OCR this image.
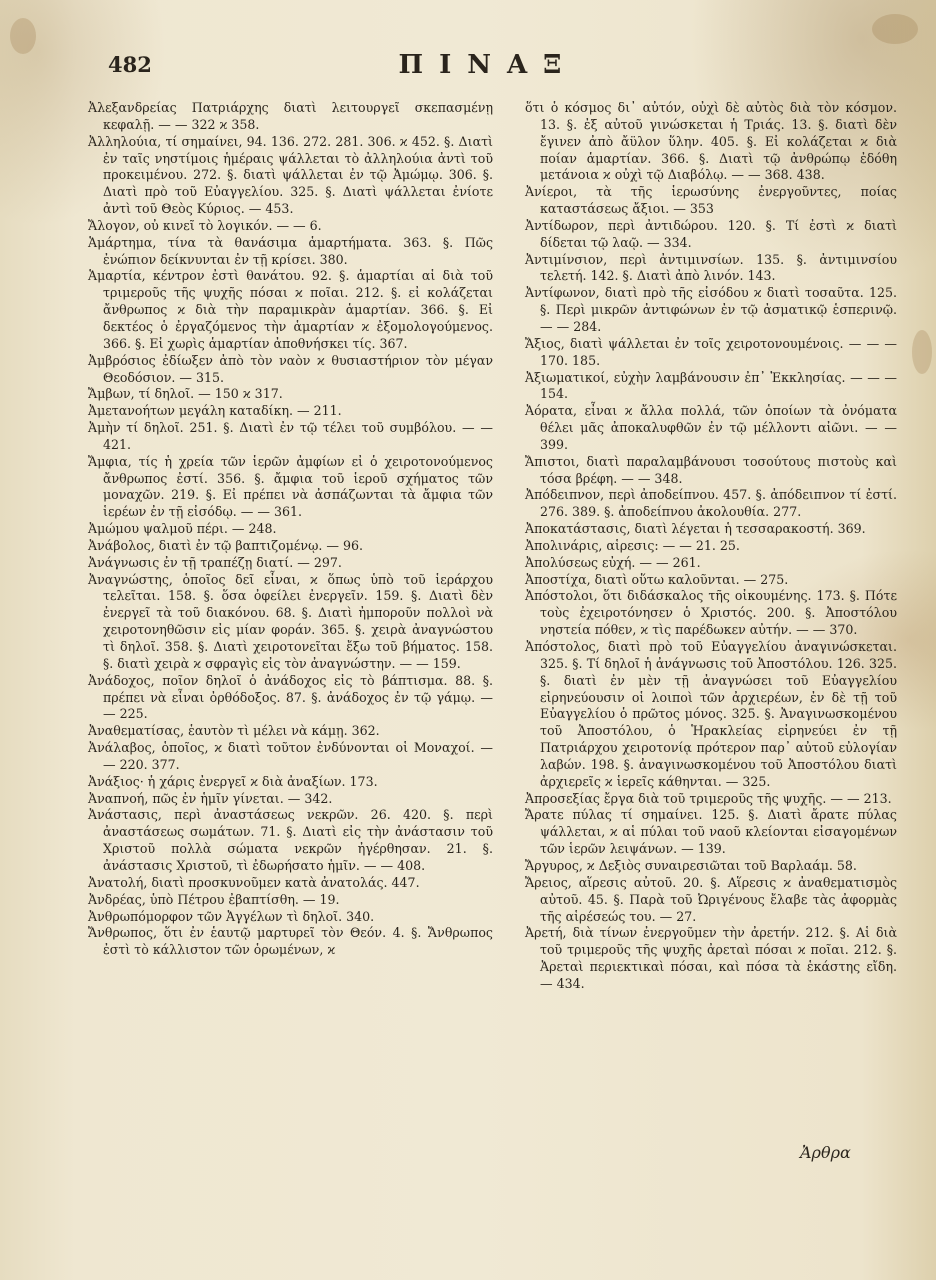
482	ΠΙΝΑΞ

Ἀλεξανδρείας Πατριάρχης διατὶ λειτουργεῖ σκεπασμένῃ κεφαλῇ. — — 322 ϰ 358.

Ἀλληλούια, τί σημαίνει, 94. 136. 272. 281. 306. ϰ 452. §. Διατὶ ἐν ταῖς νηστίμοις ἡμέραις ψάλλεται τὸ ἀλληλούια ἀντὶ τοῦ προκειμένου. 272. §. διατὶ ψάλλεται ἐν τῷ Ἀμώμῳ. 306. §. Διατὶ πρὸ τοῦ Εὐαγγελίου. 325. §. Διατὶ ψάλλεται ἐνίοτε ἀντὶ τοῦ Θεὸς Κύριος. — 453.

Ἄλογον, οὐ κινεῖ τὸ λογικόν. — — 6.

Ἁμάρτημα, τίνα τὰ θανάσιμα ἁμαρτήματα. 363. §. Πῶς ἐνώπιον δείκνυνται ἐν τῇ κρίσει. 380.

Ἁμαρτία, κέντρον ἐστὶ θανάτου. 92. §. ἁμαρτίαι αἱ διὰ τοῦ τριμεροῦς τῆς ψυχῆς πόσαι ϰ ποῖαι. 212. §. εἰ κολάζεται ἄνθρωπος ϰ διὰ τὴν παραμικρὰν ἁμαρτίαν. 366. §. Εἰ δεκτέος ὁ ἐργαζόμενος τὴν ἁμαρτίαν ϰ ἐξομολογούμενος. 366. §. Εἰ χωρὶς ἁμαρτίαν ἀποθνήσκει τίς. 367.

Ἀμβρόσιος ἐδίωξεν ἀπὸ τὸν ναὸν ϰ θυσιαστήριον τὸν μέγαν Θεοδόσιον. — 315.

Ἄμβων, τί δηλοῖ. — 150 ϰ 317.

Ἀμετανοήτων μεγάλη καταδίκη. — 211.

Ἀμὴν τί δηλοῖ. 251. §. Διατὶ ἐν τῷ τέλει τοῦ συμβόλου. — — 421.

Ἄμφια, τίς ἡ χρεία τῶν ἱερῶν ἀμφίων εἰ ὁ χειροτονούμενος ἄνθρωπος ἐστί. 356. §. ἄμφια τοῦ ἱεροῦ σχήματος τῶν μοναχῶν. 219. §. Εἰ πρέπει νὰ ἀσπάζωνται τὰ ἄμφια τῶν ἱερέων ἐν τῇ εἰσόδῳ. — — 361.

Ἀμώμου ψαλμοῦ πέρι. — 248.

Ἀνάβολος, διατὶ ἐν τῷ βαπτιζομένῳ. — 96.

Ἀνάγνωσις ἐν τῇ τραπέζῃ διατί. — 297.

Ἀναγνώστης, ὁποῖος δεῖ εἶναι, ϰ ὅπως ὑπὸ τοῦ ἱεράρχου τελεῖται. 158. §. ὅσα ὀφείλει ἐνεργεῖν. 159. §. Διατὶ δὲν ἐνεργεῖ τὰ τοῦ διακόνου. 68. §. Διατὶ ἠμποροῦν πολλοὶ νὰ χειροτονηθῶσιν εἰς μίαν φοράν. 365. §. χειρὰ ἀναγνώστου τὶ δηλοῖ. 358. §. Διατὶ χειροτονεῖται ἔξω τοῦ βήματος. 158. §. διατὶ χειρὰ ϰ σφραγὶς εἰς τὸν ἀναγνώστην. — — 159.

Ἀνάδοχος, ποῖον δηλοῖ ὁ ἀνάδοχος εἰς τὸ βάπτισμα. 88. §. πρέπει νὰ εἶναι ὀρθόδοξος. 87. §. ἀνάδοχος ἐν τῷ γάμῳ. — — 225.

Ἀναθεματίσας, ἑαυτὸν τὶ μέλει νὰ κάμῃ. 362.

Ἀνάλαβος, ὁποῖος, ϰ διατὶ τοῦτον ἐνδύνονται οἱ Μοναχοί. — — 220. 377.

Ἀνάξιος· ἡ χάρις ἐνεργεῖ ϰ διὰ ἀναξίων. 173.

Ἀναπνοή, πῶς ἐν ἡμῖν γίνεται. — 342.

Ἀνάστασις, περὶ ἀναστάσεως νεκρῶν. 26. 420. §. περὶ ἀναστάσεως σωμάτων. 71. §. Διατὶ εἰς τὴν ἀνάστασιν τοῦ Χριστοῦ πολλὰ σώματα νεκρῶν ἠγέρθησαν. 21. §. ἀνάστασις Χριστοῦ, τὶ ἐδωρήσατο ἡμῖν. — — 408.

Ἀνατολή, διατὶ προσκυνοῦμεν κατὰ ἀνατολάς. 447.

Ἀνδρέας, ὑπὸ Πέτρου ἐβαπτίσθη. — 19.

Ἀνθρωπόμορφον τῶν Ἀγγέλων τὶ δηλοῖ. 340.

Ἄνθρωπος, ὅτι ἐν ἑαυτῷ μαρτυρεῖ τὸν Θεόν. 4. §. Ἄνθρωπος ἐστὶ τὸ κάλλιστον τῶν ὁρωμένων, ϰ

ὅτι ὁ κόσμος δι᾽ αὐτόν, οὐχὶ δὲ αὐτὸς διὰ τὸν κόσμον. 13. §. ἐξ αὐτοῦ γινώσκεται ἡ Τριάς. 13. §. διατὶ δὲν ἔγινεν ἀπὸ ἄϋλον ὕλην. 405. §. Εἰ κολάζεται ϰ διὰ ποίαν ἁμαρτίαν. 366. §. Διατὶ τῷ ἀνθρώπῳ ἐδόθη μετάνοια ϰ οὐχὶ τῷ Διαβόλῳ. — — 368. 438.

Ἀνίεροι, τὰ τῆς ἱερωσύνης ἐνεργοῦντες, ποίας καταστάσεως ἄξιοι. — 353

Ἀντίδωρον, περὶ ἀντιδώρου. 120. §. Τί ἐστὶ ϰ διατὶ δίδεται τῷ λαῷ. — 334.

Ἀντιμίνσιον, περὶ ἀντιμινσίων. 135. §. ἀντιμινσίου τελετή. 142. §. Διατὶ ἀπὸ λινόν. 143.

Ἀντίφωνον, διατὶ πρὸ τῆς εἰσόδου ϰ διατὶ τοσαῦτα. 125. §. Περὶ μικρῶν ἀντιφώνων ἐν τῷ ἀσματικῷ ἑσπερινῷ. — — 284.

Ἄξιος, διατὶ ψάλλεται ἐν τοῖς χειροτονουμένοις. — — — 170. 185.

Ἀξιωματικοί, εὐχὴν λαμβάνουσιν ἐπ᾽ Ἐκκλησίας. — — — 154.

Ἀόρατα, εἶναι ϰ ἄλλα πολλά, τῶν ὁποίων τὰ ὀνόματα θέλει μᾶς ἀποκαλυφθῶν ἐν τῷ μέλλοντι αἰῶνι. — — 399.

Ἄπιστοι, διατὶ παραλαμβάνουσι τοσούτους πιστοὺς καὶ τόσα βρέφη. — — 348.

Ἀπόδειπνον, περὶ ἀποδείπνου. 457. §. ἀπόδειπνον τί ἐστί. 276. 389. §. ἀποδείπνου ἀκολουθία. 277.

Ἀποκατάστασις, διατὶ λέγεται ἡ τεσσαρακοστή. 369.

Ἀπολινάρις, αἱρεσις: — — 21. 25.

Ἀπολύσεως εὐχή. — — 261.

Ἀποστίχα, διατὶ οὕτω καλοῦνται. — 275.

Ἀπόστολοι, ὅτι διδάσκαλος τῆς οἰκουμένης. 173. §. Πότε τοὺς ἐχειροτόνησεν ὁ Χριστός. 200. §. Ἀποστόλου νηστεία πόθεν, ϰ τὶς παρέδωκεν αὐτήν. — — 370.

Ἀπόστολος, διατὶ πρὸ τοῦ Εὐαγγελίου ἀναγινώσκεται. 325. §. Τί δηλοῖ ἡ ἀνάγνωσις τοῦ Ἀποστόλου. 126. 325. §. διατὶ ἐν μὲν τῇ ἀναγνώσει τοῦ Εὐαγγελίου εἰρηνεύουσιν οἱ λοιποὶ τῶν ἀρχιερέων, ἐν δὲ τῇ τοῦ Εὐαγγελίου ὁ πρῶτος μόνος. 325. §. Ἀναγινωσκομένου τοῦ Ἀποστόλου, ὁ Ἡρακλείας εἰρηνεύει ἐν τῇ Πατριάρχου χειροτονίᾳ πρότερον παρ᾽ αὐτοῦ εὐλογίαν λαβών. 198. §. ἀναγινωσκομένου τοῦ Ἀποστόλου διατὶ ἀρχιερεῖς ϰ ἱερεῖς κάθηνται. — 325.

Ἀπροσεξίας ἔργα διὰ τοῦ τριμεροῦς τῆς ψυχῆς. — — 213.

Ἄρατε πύλας τί σημαίνει. 125. §. Διατὶ ἄρατε πύλας ψάλλεται, ϰ αἱ πύλαι τοῦ ναοῦ κλείονται εἰσαγομένων τῶν ἱερῶν λειψάνων. — 139.

Ἄργυρος, ϰ Δεξιὸς συναιρεσιῶται τοῦ Βαρλαάμ. 58.

Ἄρειος, αἵρεσις αὐτοῦ. 20. §. Αἵρεσις ϰ ἀναθεματισμὸς αὐτοῦ. 45. §. Παρὰ τοῦ Ὠριγένους ἔλαβε τὰς ἀφορμὰς τῆς αἱρέσεώς του. — 27.

Ἀρετή, διὰ τίνων ἐνεργοῦμεν τὴν ἀρετήν. 212. §. Αἱ διὰ τοῦ τριμεροῦς τῆς ψυχῆς ἀρεταὶ πόσαι ϰ ποῖαι. 212. §. Ἀρεταὶ περιεκτικαὶ πόσαι, καὶ πόσα τὰ ἑκάστης εἴδη. — 434.

Ἀρθρα
